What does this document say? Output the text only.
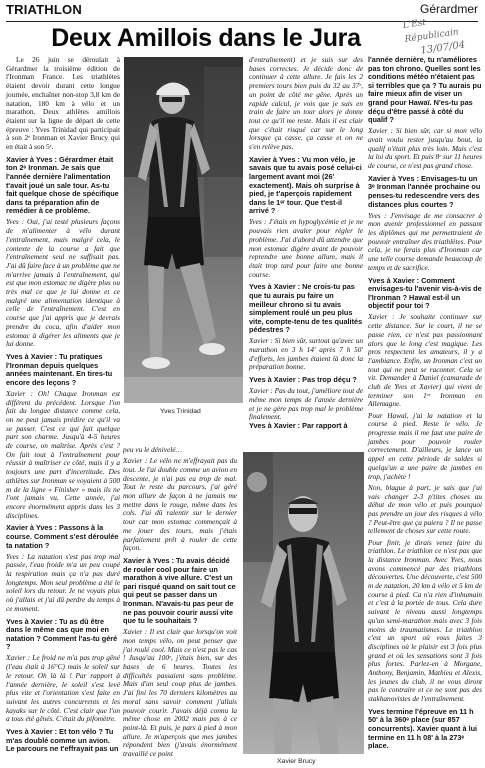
TRIATHLON	Gérardmer
L'Est Républicain
13/07/04
Deux Amillois dans le Jura

Le 26 juin se déroulait à Gérardmer la troisième édition de l'Ironman France. Les triathlètes étaient devoir durant cette longue journée, enchaîner non-stop 3,8 km de natation, 180 km à vélo et un marathon. Deux athlètes amillois étaient sur la ligne de départ de cette épreuve : Yves Trinidad qui participait à son 2ᵉ Ironman et Xavier Brucy qui en était à son 5ᵉ.

Xavier à Yves : Gérardmer était ton 2ᵉ Ironman. Je sais que l'année dernière l'alimentation t'avait joué un sale tour. As-tu fait quelque chose de spécifique dans ta préparation afin de remédier à ce problème.

Yves : Oui, j'ai testé plusieurs façons de m'alimenter à vélo durant l'entraînement, mais malgré cela, le contexte de la course a fait que l'entraînement seul ne suffisait pas. J'ai dû faire face à un problème que ne m'arrive jamais à l'entraînement, qui est que mon estomac ne digère plus ou très mal ce que je lui donne et ce malgré une alimentation identique à celle de l'entraînement. C'est en course que j'ai appris que je devrais prendre du coca, afin d'aider mon estomac à digérer les aliments que je lui donne.

Yves à Xavier : Tu pratiques l'Ironman depuis quelques années maintenant. En tires-tu encore des leçons ?

Xavier : Oh! Chaque Ironman est différent du précédent. Lorsque l'on fait du longue distance comme cela, on ne peut jamais prédire ce qu'il va se passer. C'est ce qui fait quelque part son charme. Jusqu'à 4-5 heures de course, on maîtrise. Après c'est ? On fait tout à l'entraînement pour réussir à maîtriser ce côté, mais il y a toujours une part d'incertitude. Des athlètes sur Ironman se voyaient à 500 m de la ligne « Finisher » mais ils ne l'ont jamais vu. Cette année, j'ai encore énormément appris dans les 3 disciplines.

Xavier à Yves : Passons à la course. Comment s'est déroulée ta natation ?

Yves : La natation s'est pas trop mal passée, l'eau froide m'a un peu coupé la respiration mais ça n'a pas duré longtemps. Mon seul problème a été le soleil lors du retour. Je ne voyais plus où j'allais et j'ai dû perdre du temps à ce moment.

Yves à Xavier : Tu as dû être dans le même cas que moi en natation ? Comment l'as-tu géré ?

Xavier : Le froid ne m'a pas trop gêné (l'eau était à 16°C) mais le soleil sur le retour. Oh là là ! Par rapport à l'année dernière, le soleil s'est levé plus vite et l'orientation s'est faite en suivant les autres concurrents et les kayaks sur le côté. C'est clair que l'on a tous été gênés. C'était du pifomètre.

Yves à Xavier : Et ton vélo ? Tu m'as doublé comme un avion. Le parcours ne t'effrayait pas un

Yves Trinidad

d'entraînement) et je suis sur des bases correctes. Je décide donc de continuer à cette allure. Je fais les 2 premiers tours bien puis du 32 au 37ᵉ, un point de côté me gêne. Après un rapide calcul, je vois que je suis en train de faire un tour alors je donne tout ce qu'il me reste. Mais il est clair que c'était risqué car sur le long lorsque ça casse, ça casse et on ne s'en relève pas.

Xavier à Yves : Vu mon vélo, je savais que tu avais posé celui-ci largement avant moi (26' exactement). Mais oh surprise à pied, je t'aperçois rapidement dans le 1ᵉʳ tour. Que t'est-il arrivé ?

Yves : J'étais en hypoglycémie et je ne pouvais rien avaler pour régler le problème. J'ai d'abord dû attendre que mon estomac digère avant de pouvoir reprendre une bonne allure, mais il était trop tard pour faire une bonne course.

Yves à Xavier : Ne crois-tu pas que tu aurais pu faire un meilleur chrono si tu avais simplement roulé un peu plus vite, compte-tenu de tes qualités pédestres ?

Xavier : Si bien sûr, surtout qu'avec un marathon en 3 h 14' après 7 h 50' d'efforts, les jambes étaient là donc la préparation bonne.

Yves à Xavier : Pas trop déçu ?

Xavier : Pas du tout, j'améliore tout de même mon temps de l'année dernière et je ne gère pas trop mal le problème finalement.

Yves à Xavier : Par rapport à

peu vu le dénivelé…

Xavier : Le vélo ne m'effrayait pas du tout. Je l'ai double comme un avion en descente, je n'ai pas eu trop de mal. Tout le reste du parcours, j'ai géré mon allure de façon à ne jamais me mettre dans le rouge, même dans les cols. J'ai dû ralentir sur le dernier tour car mon estomac commençait à me jouer des tours, mais j'étais parfaitement prêt à rouler de cette façon.

Xavier à Yves : Tu avais décidé de rouler cool pour faire un marathon à vive allure. C'est un pari risqué quand on sait tout ce qui peut se passer dans un Ironman. N'avais-tu pas peur de ne pas pouvoir courir aussi vite que tu le souhaitais ?

Xavier : Il est clair que lorsqu'on voit mon temps vélo, on peut penser que j'ai roulé cool. Mais ce n'est pas le cas ! Jusqu'au 100ᵉ, j'étais bien, sur des bases de 6 heures. Toutes les difficultés passaient sans problème. Mais d'un seul coup plus de jambes. J'ai fini les 70 derniers kilomètres au moral sans savoir comment j'allais pouvoir courir. J'avais déjà connu la même chose en 2002 mais pas à ce point-là. Et puis, je pars à pied à mon allure. Je m'aperçois que mes jambes répondent bien (j'avais énormément travaillé ce point

Xavier Brucy

l'année dernière, tu n'améliores pas ton chrono. Quelles sont les conditions météo n'étaient pas si terribles que ça ? Tu aurais pu faire mieux afin de viser un grand pour Hawaï. N'es-tu pas déçu d'être passé à côté du qualif ?

Xavier : Si bien sûr, car si mon vélo avait voulu rester jusqu'au bout, la qualif n'était plus très loin. Mais c'est la loi du sport. Et puis 8ᵉ sur 11 heures de course, ce n'est pas grand chose.

Xavier à Yves : Envisages-tu un 3ᵉ Ironman l'année prochaine ou penses-tu redescendre vers des distances plus courtes ?

Yves : J'envisage de me consacrer à mon avenir professionnel en passant les diplômes qui me permettraient de pouvoir entraîner des triathlètes. Pour cela, je ne ferais plus d'Ironman car une telle course demande beaucoup de temps et de sacrifice.

Yves à Xavier : Comment envisages-tu l'avenir vis-à-vis de l'Ironman ? Hawaï est-il un objectif pour toi ?

Xavier : Je souhaite continuer sur cette distance. Sur le court, il ne se passe rien, ce n'est pas passionnant alors que le long c'est magique. Les pros respectent les amateurs, il y a l'ambiance. Enfin, un Ironman c'est un tout qui ne peut se raconter. Cela se vit. Demander à Daniel (camarade de club de Yves et Xavier) qui vient de terminer son 1ᵉʳ Ironman en Allemagne.

Pour Hawaï, j'ai la natation et la course à pied. Reste le vélo. Je progresse mais il me faut une paire de jambes pour pouvoir rouler correctement. D'ailleurs, je lance un appel en cette période de soldes si quelqu'un a une paire de jambes en trop, j'achète !

Non, blague à part, je sais que j'ai vais changer 2-3 p'tites choses au début de mon vélo et puis pourquoi pas prendre un jour des risques à vélo ? Peut-être que ça paiera ? Il ne passe tellement de choses sur cette route.

Pour finir, je dirais venez faire du triathlon. Le triathlon ce n'est pas que la distance Ironman. Avec Yves, nous avons commencé par des triathlons découvertes. Une découverte, c'est 500 m de natation, 20 km à vélo et 5 km de course à pied. Ca n'a rien d'inhumain et c'est à la portée de tous. Cela dure suivant le niveau aussi longtemps qu'un semi-marathon mais avec 3 fois moins de traumatismes. Le triathlon c'est un sport où vous faites 3 disciplines où le plaisir est 3 fois plus grand et où les sensations sont 3 fois plus fortes. Parlez-en à Morgane, Anthony, Benjamin, Mathieu et Alexis, les jeunes du club, il ne vous diront pas le contraire et ce ne sont pas des stakhanovistes de l'entraînement.

Yves termine l'épreuve en 11 h 50' à la 360ᵉ place (sur 857 concurrents). Xavier quant à lui termine en 11 h 08' à la 273ᵉ place.
